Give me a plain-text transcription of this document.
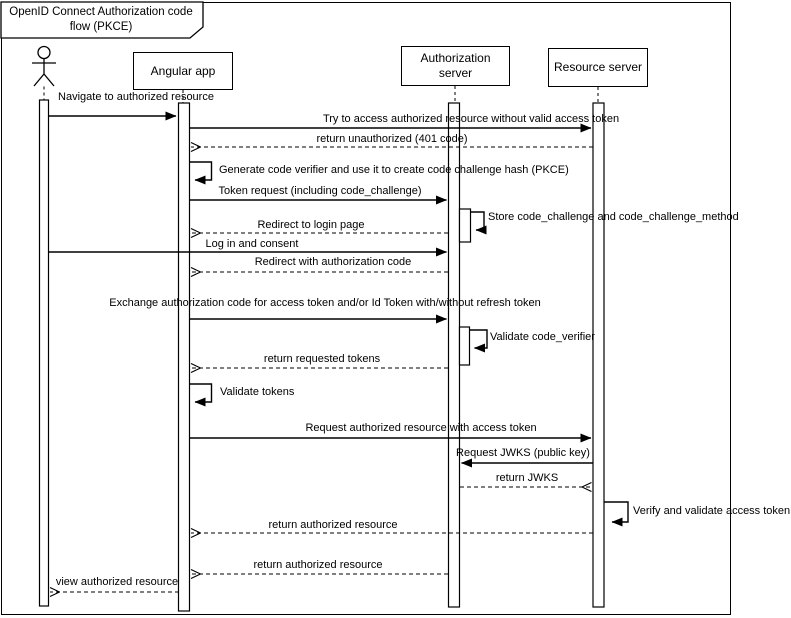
OpenID Connect Authorization code flow (PKCE)
Angular app
Authorization server	Resource server
Navigate to authorized resource
Try to access authorized resource without valid access token
return unauthorized (401 code)
Generate code verifier and use it to create code challenge hash (PKCE)
Token request (including code_challenge)
Store code_challenge and code_challenge_method
Redirect to login page
Log in and consent
Redirect with authorization code
Exchange authorization code for access token and/or Id Token with/without refresh token
Validate code_verifier
return requested tokens
Validate tokens
Request authorized resource with access token
Request JWKS (public key)
return JWKS
Verify and validate access token
return authorized resource
return authorized resource
view authorized resource
